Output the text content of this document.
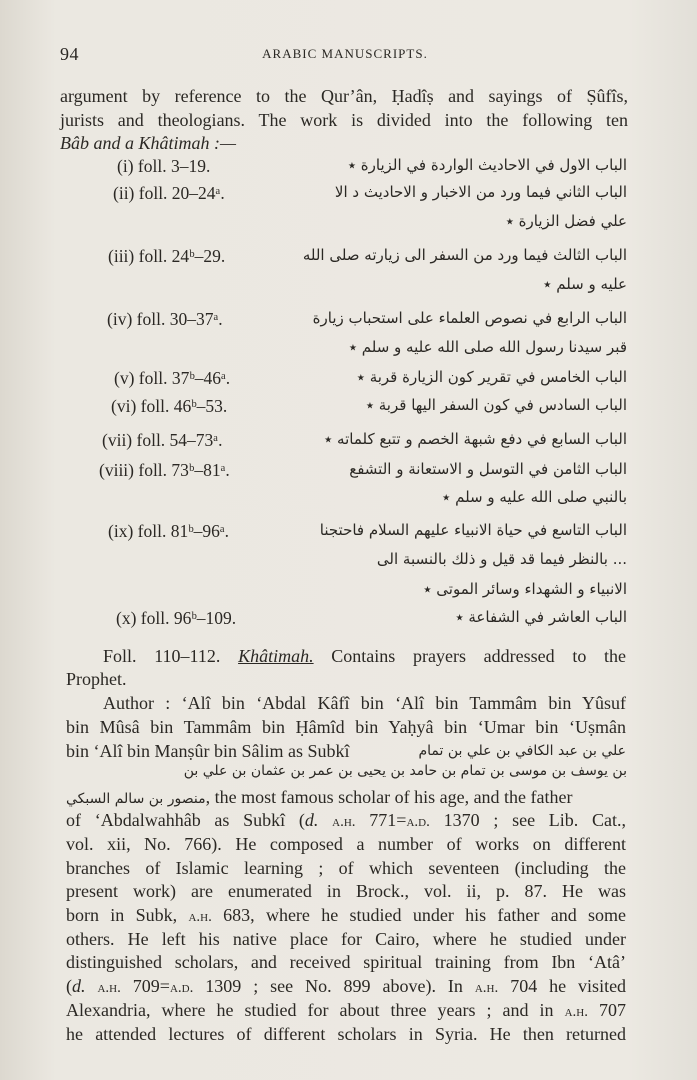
94	ARABIC MANUSCRIPTS.
argument by reference to the Qur’ân, Ḥadîṣ and sayings of Ṣûfîs,
jurists and theologians. The work is divided into the following ten
Bâb and a Khâtimah :—
(i) foll. 3–19.	الباب الاول في الاحاديث الواردة في الزيارة ٭
(ii) foll. 20–24ᵃ.	الباب الثاني فيما ورد من الاخبار و الاحاديث د الا
علي فضل الزيارة ٭
(iii) foll. 24ᵇ–29.	الباب الثالث فيما ورد من السفر الى زيارته صلى الله
عليه و سلم ٭
(iv) foll. 30–37ᵃ.	الباب الرابع في نصوص العلماء على استحباب زيارة
قبر سيدنا رسول الله صلى الله عليه و سلم ٭
(v) foll. 37ᵇ–46ᵃ.	الباب الخامس في تقرير كون الزيارة قربة ٭
(vi) foll. 46ᵇ–53.	الباب السادس في كون السفر اليها قربة ٭
(vii) foll. 54–73ᵃ.	الباب السابع في دفع شبهة الخصم و تتبع كلماته ٭
(viii) foll. 73ᵇ–81ᵃ.	الباب الثامن في التوسل و الاستعانة و التشفع
بالنبي صلى الله عليه و سلم ٭
(ix) foll. 81ᵇ–96ᵃ.	الباب التاسع في حياة الانبياء عليهم السلام فاحتجنا
... بالنظر فيما قد قيل و ذلك بالنسبة الى
الانبياء و الشهداء وسائر الموتى ٭
(x) foll. 96ᵇ–109.	الباب العاشر في الشفاعة ٭
Foll. 110–112. Khâtimah. Contains prayers addressed to the
Prophet.
Author : ‘Alî bin ‘Abdal Kâfî bin ‘Alî bin Tammâm bin Yûsuf
bin Mûsâ bin Tammâm bin Ḥâmîd bin Yaḥyâ bin ‘Umar bin ‘Uṣmân
bin ‘Alî bin Manṣûr bin Sâlim as Subkî	علي بن عبد الكافي بن علي بن تمام
بن يوسف بن موسى بن تمام بن حامد بن يحيى بن عمر بن عثمان بن علي بن
منصور بن سالم السبكي, the most famous scholar of his age, and the father
of ‘Abdalwahhâb as Subkî (d. a.h. 771=a.d. 1370 ; see Lib. Cat.,
vol. xii, No. 766). He composed a number of works on different
branches of Islamic learning ; of which seventeen (including the
present work) are enumerated in Brock., vol. ii, p. 87. He was
born in Subk, a.h. 683, where he studied under his father and some
others. He left his native place for Cairo, where he studied under
distinguished scholars, and received spiritual training from Ibn ‘Atâ’
(d. a.h. 709=a.d. 1309 ; see No. 899 above). In a.h. 704 he visited
Alexandria, where he studied for about three years ; and in a.h. 707
he attended lectures of different scholars in Syria. He then returned
